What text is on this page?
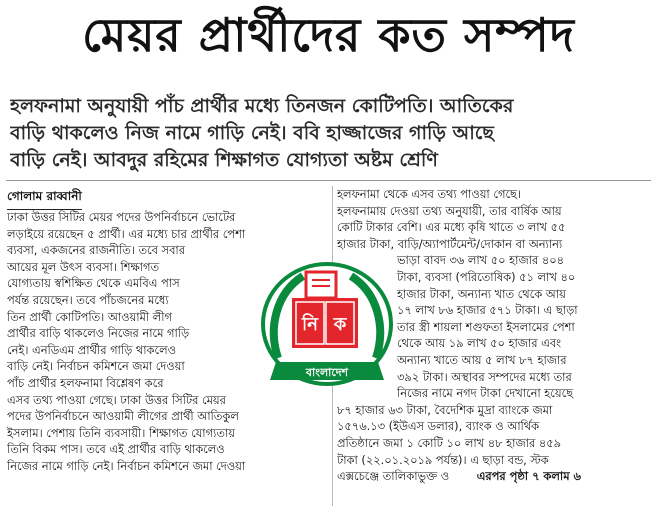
মেয়র প্রার্থীদের কত সম্পদ
হলফনামা অনুযায়ী পাঁচ প্রার্থীর মধ্যে তিনজন কোটিপতি। আতিকের
বাড়ি থাকলেও নিজ নামে গাড়ি নেই। ববি হাজ্জাজের গাড়ি আছে
বাড়ি নেই। আবদুর রহিমের শিক্ষাগত যোগ্যতা অষ্টম শ্রেণি
গোলাম রাব্বানী
ঢাকা উত্তর সিটির মেয়র পদের উপনির্বাচনে ভোটের
লড়াইয়ে রয়েছেন ৫ প্রার্থী। এর মধ্যে চার প্রার্থীর পেশা
ব্যবসা, একজনের রাজনীতি। তবে সবার
আয়ের মূল উৎস ব্যবসা। শিক্ষাগত
যোগ্যতায় স্বশিক্ষিত থেকে এমবিএ পাস
পর্যন্ত রয়েছেন। তবে পাঁচজনের মধ্যে
তিন প্রার্থী কোটিপতি। আওয়ামী লীগ
প্রার্থীর বাড়ি থাকলেও নিজের নামে গাড়ি
নেই। এনডিএম প্রার্থীর গাড়ি থাকলেও
বাড়ি নেই। নির্বাচন কমিশনে জমা দেওয়া
পাঁচ প্রার্থীর হলফনামা বিশ্লেষণ করে
এসব তথ্য পাওয়া গেছে। ঢাকা উত্তর সিটির মেয়র
পদের উপনির্বাচনে আওয়ামী লীগের প্রার্থী আতিকুল
ইসলাম। পেশায় তিনি ব্যবসায়ী। শিক্ষাগত যোগ্যতায়
তিনি বিকম পাস। তবে এই প্রার্থীর বাড়ি থাকলেও
নিজের নামে গাড়ি নেই। নির্বাচন কমিশনে জমা দেওয়া
হলফনামা থেকে এসব তথ্য পাওয়া গেছে।
হলফনামায় দেওয়া তথ্য অনুযায়ী, তার বার্ষিক আয়
কোটি টাকার বেশি। এর মধ্যে কৃষি খাতে ৩ লাখ ৫৫
হাজার টাকা, বাড়ি/অ্যাপার্টমেন্ট/দোকান বা অন্যান্য
ভাড়া বাবদ ৩৬ লাখ ৫০ হাজার ৪০৪
টাকা, ব্যবসা (পরিতোষিক) ৫১ লাখ ৪০
হাজার টাকা, অন্যান্য খাত থেকে আয়
১৭ লাখ ৮৬ হাজার ৫৭১ টাকা। এ ছাড়া
তার স্ত্রী শায়লা শগুফতা ইসলামের পেশা
থেকে আয় ১৯ লাখ ৫০ হাজার এবং
অন্যান্য খাতে আয় ৫ লাখ ৮৭ হাজার
৩৯২ টাকা। অস্থাবর সম্পদের মধ্যে তার
নিজের নামে নগদ টাকা দেখানো হয়েছে
৮৭ হাজার ৬৩ টাকা, বৈদেশিক মুদ্রা ব্যাংকে জমা
১৫৭৬.১৩ (ইউএস ডলার), ব্যাংক ও আর্থিক
প্রতিষ্ঠানে জমা ১ কোটি ১০ লাখ ৪৮ হাজার ৪৫৯
টাকা (২২.০১.২০১৯ পর্যন্ত)। এ ছাড়া বন্ড, স্টক
এক্সচেঞ্জে তালিকাভুক্ত ও এরপর পৃষ্ঠা ৭ কলাম ৬
নি ক
বাংলাদেশ
